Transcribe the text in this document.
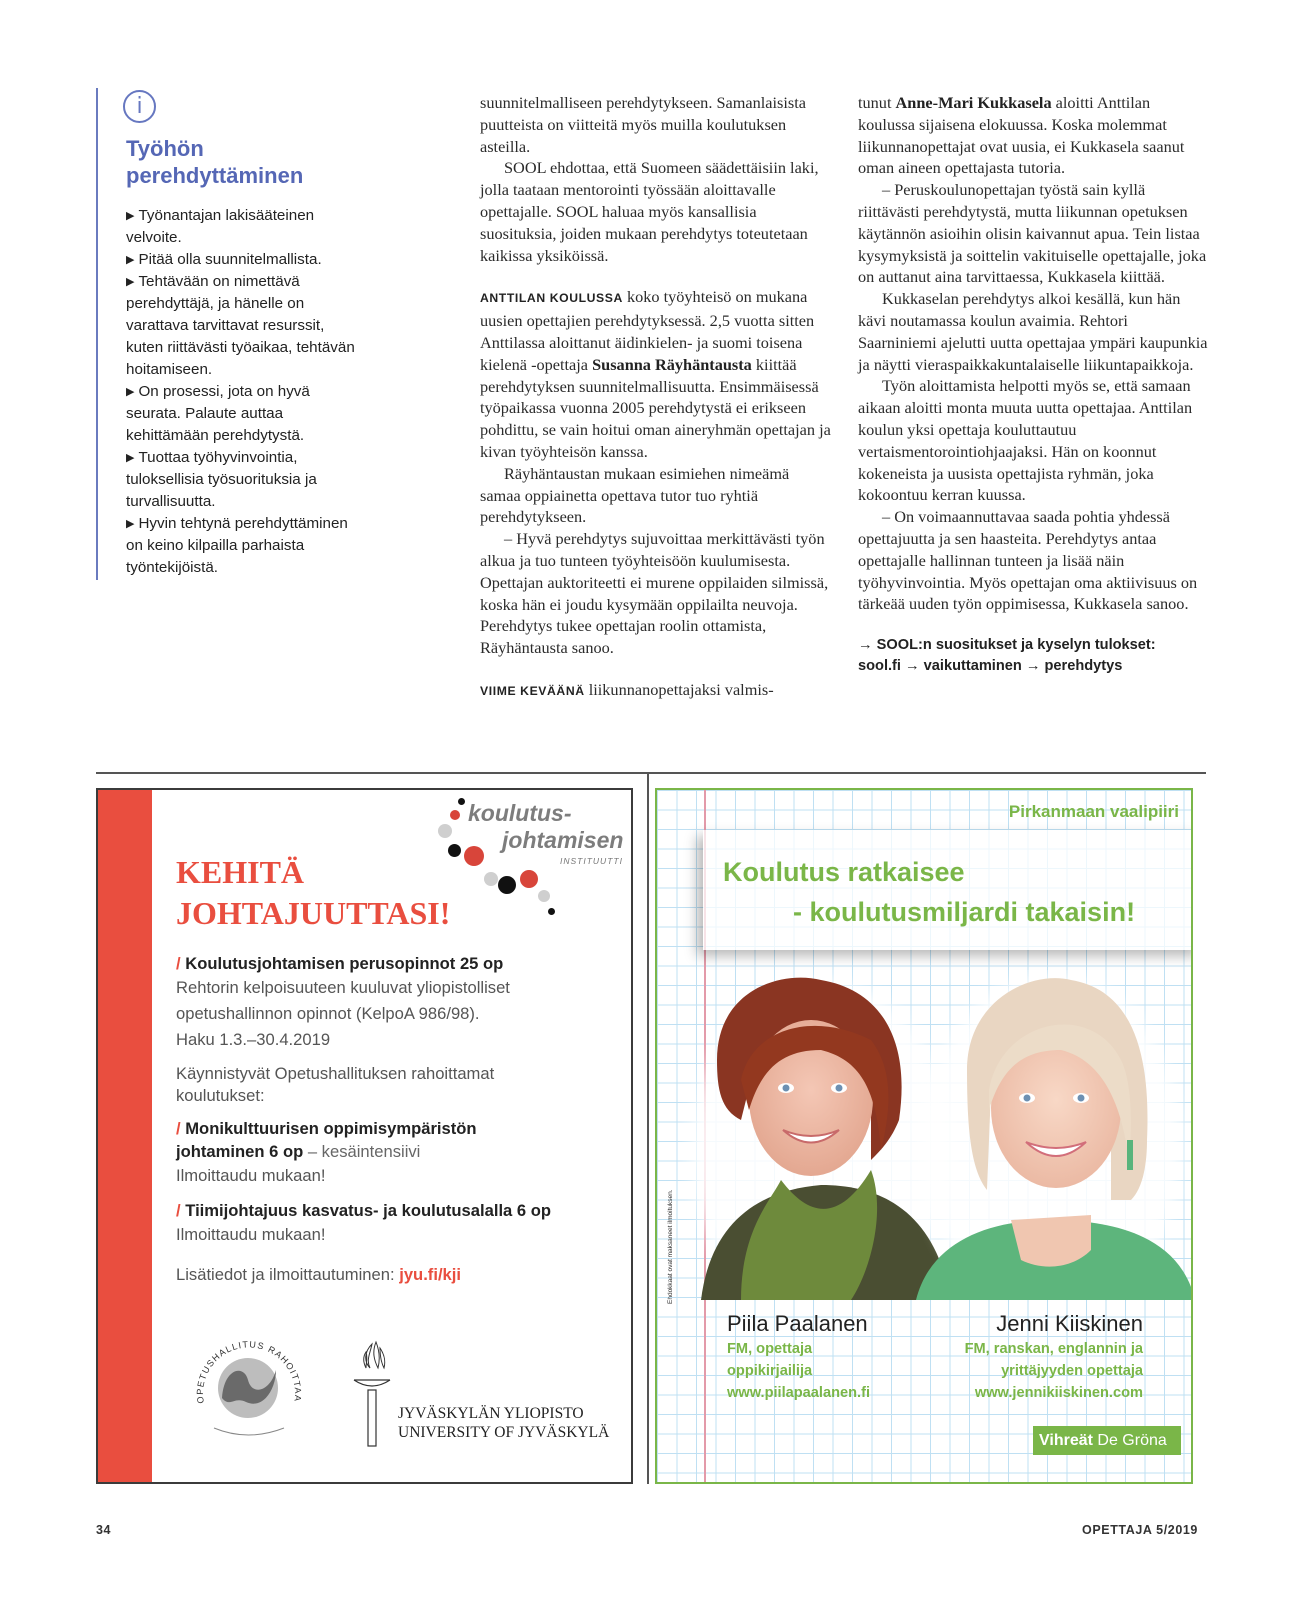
i
Työhön
perehdyttäminen
▶ Työnantajan lakisääteinen velvoite.
▶ Pitää olla suunnitelmallista.
▶ Tehtävään on nimettävä perehdyttäjä, ja hänelle on varattava tarvittavat resurssit, kuten riittävästi työaikaa, tehtävän hoitamiseen.
▶ On prosessi, jota on hyvä seurata. Palaute auttaa kehittämään perehdytystä.
▶ Tuottaa työhyvinvointia, tuloksellisia työsuorituksia ja turvallisuutta.
▶ Hyvin tehtynä perehdyttäminen on keino kilpailla parhaista työntekijöistä.

suunnitelmalliseen perehdytykseen. Samanlaisista puutteista on viitteitä myös muilla koulutuksen asteilla.

SOOL ehdottaa, että Suomeen säädettäisiin laki, jolla taataan mentorointi työssään aloittavalle opettajalle. SOOL haluaa myös kansallisia suosituksia, joiden mukaan perehdytys toteutetaan kaikissa yksiköissä.

ANTTILAN KOULUSSA koko työyhteisö on mukana uusien opettajien perehdytyksessä. 2,5 vuotta sitten Anttilassa aloittanut äidinkielen- ja suomi toisena kielenä -opettaja Susanna Räyhäntausta kiittää perehdytyksen suunnitelmallisuutta. Ensimmäisessä työpaikassa vuonna 2005 perehdytystä ei erikseen pohdittu, se vain hoitui oman aineryhmän opettajan ja kivan työyhteisön kanssa.

Räyhäntaustan mukaan esimiehen nimeämä samaa oppiainetta opettava tutor tuo ryhtiä perehdytykseen.

– Hyvä perehdytys sujuvoittaa merkittävästi työn alkua ja tuo tunteen työyhteisöön kuulumisesta. Opettajan auktoriteetti ei murene oppilaiden silmissä, koska hän ei joudu kysymään oppilailta neuvoja. Perehdytys tukee opettajan roolin ottamista, Räyhäntausta sanoo.

VIIME KEVÄÄNÄ liikunnanopettajaksi valmis-

tunut Anne-Mari Kukkasela aloitti Anttilan koulussa sijaisena elokuussa. Koska molemmat liikunnanopettajat ovat uusia, ei Kukkasela saanut oman aineen opettajasta tutoria.

– Peruskoulunopettajan työstä sain kyllä riittävästi perehdytystä, mutta liikunnan opetuksen käytännön asioihin olisin kaivannut apua. Tein listaa kysymyksistä ja soittelin vakituiselle opettajalle, joka on auttanut aina tarvittaessa, Kukkasela kiittää.

Kukkaselan perehdytys alkoi kesällä, kun hän kävi noutamassa koulun avaimia. Rehtori Saarniniemi ajelutti uutta opettajaa ympäri kaupunkia ja näytti vieraspaikkakuntalaiselle liikuntapaikkoja.

Työn aloittamista helpotti myös se, että samaan aikaan aloitti monta muuta uutta opettajaa. Anttilan koulun yksi opettaja kouluttautuu vertaismentorointiohjaajaksi. Hän on koonnut kokeneista ja uusista opettajista ryhmän, joka kokoontuu kerran kuussa.

– On voimaannuttavaa saada pohtia yhdessä opettajuutta ja sen haasteita. Perehdytys antaa opettajalle hallinnan tunteen ja lisää näin työhyvinvointia. Myös opettajan oma aktiivisuus on tärkeää uuden työn oppimisessa, Kukkasela sanoo.

→ SOOL:n suositukset ja kyselyn tulokset:
sool.fi → vaikuttaminen → perehdytys
koulutus-
johtamisen
INSTITUUTTI
KEHITÄ
JOHTAJUUTTASI!
/ Koulutusjohtamisen perusopinnot 25 op
Rehtorin kelpoisuuteen kuuluvat yliopistolliset
opetushallinnon opinnot (KelpoA 986/98).
Haku 1.3.–30.4.2019
Käynnistyvät Opetushallituksen rahoittamat
koulutukset:
/ Monikulttuurisen oppimisympäristön
johtaminen 6 op – kesäintensiivi
Ilmoittaudu mukaan!
/ Tiimijohtajuus kasvatus- ja koulutusalalla 6 op
Ilmoittaudu mukaan!
Lisätiedot ja ilmoittautuminen: jyu.fi/kji
OPETUSHALLITUS RAHOITTAA
JYVÄSKYLÄN YLIOPISTO
UNIVERSITY OF JYVÄSKYLÄ
Pirkanmaan vaalipiiri
Koulutus ratkaisee
- koulutusmiljardi takaisin!
Ehdokkaat ovat maksaneet ilmoituksen.
Piila Paalanen
FM, opettaja
oppikirjailija
www.piilapaalanen.fi
Jenni Kiiskinen
FM, ranskan, englannin ja
yrittäjyyden opettaja
www.jennikiiskinen.com
Vihreät De Gröna
34	OPETTAJA 5/2019
